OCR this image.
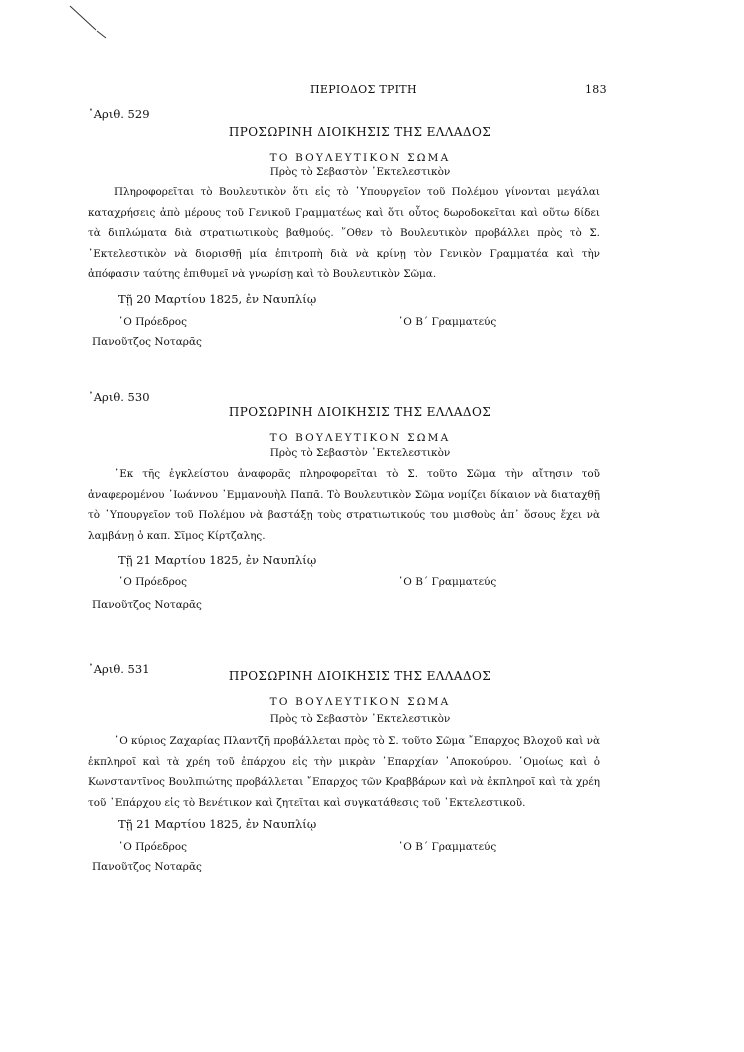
ΠΕΡΙΟΔΟΣ ΤΡΙΤΗ	183
᾽Αριθ. 529
ΠΡΟΣΩΡΙΝΗ ΔΙΟΙΚΗΣΙΣ ΤΗΣ ΕΛΛΑΔΟΣ
ΤΟ ΒΟΥΛΕΥΤΙΚΟΝ ΣΩΜΑ
Πρὸς τὸ Σεβαστὸν ᾽Εκτελεστικὸν
Πληροφορεῖται τὸ Βουλευτικὸν ὅτι εἰς τὸ ῾Υπουργεῖον τοῦ Πολέμου γίνονται μεγάλαι καταχρήσεις ἀπὸ μέρους τοῦ Γενικοῦ Γραμματέως καὶ ὅτι οὗτος δωροδοκεῖται καὶ οὕτω δίδει τὰ διπλώματα διὰ στρατιωτικοὺς βαθμούς. ῞Οθεν τὸ Βουλευτικὸν προβάλλει πρὸς τὸ Σ. ᾽Εκτελεστικὸν νὰ διορισθῇ μία ἐπιτροπὴ διὰ νὰ κρίνῃ τὸν Γενικὸν Γραμματέα καὶ τὴν ἀπόφασιν ταύτης ἐπιθυμεῖ νὰ γνωρίσῃ καὶ τὸ Βουλευτικὸν Σῶμα.
Τῇ 20 Μαρτίου 1825, ἐν Ναυπλίῳ
῾Ο Πρόεδρος	῾Ο Β΄ Γραμματεύς
Πανοῦτζος Νοταρᾶς
᾽Αριθ. 530
ΠΡΟΣΩΡΙΝΗ ΔΙΟΙΚΗΣΙΣ ΤΗΣ ΕΛΛΑΔΟΣ
ΤΟ ΒΟΥΛΕΥΤΙΚΟΝ ΣΩΜΑ
Πρὸς τὸ Σεβαστὸν ᾽Εκτελεστικὸν
᾽Εκ τῆς ἐγκλείστου ἀναφορᾶς πληροφορεῖται τὸ Σ. τοῦτο Σῶμα τὴν αἴτησιν τοῦ ἀναφερομένου ᾽Ιωάννου ᾽Εμμανουὴλ Παπᾶ. Τὸ Βουλευτικὸν Σῶμα νομίζει δίκαιον νὰ διαταχθῇ τὸ ῾Υπουργεῖον τοῦ Πολέμου νὰ βαστάξῃ τοὺς στρατιωτικούς του μισθοὺς ἀπ᾽ ὅσους ἔχει νὰ λαμβάνῃ ὁ καπ. Σῖμος Κίρτζαλης.
Τῇ 21 Μαρτίου 1825, ἐν Ναυπλίῳ
῾Ο Πρόεδρος	῾Ο Β΄ Γραμματεύς
Πανοῦτζος Νοταρᾶς
᾽Αριθ. 531	ΠΡΟΣΩΡΙΝΗ ΔΙΟΙΚΗΣΙΣ ΤΗΣ ΕΛΛΑΔΟΣ
ΤΟ ΒΟΥΛΕΥΤΙΚΟΝ ΣΩΜΑ
Πρὸς τὸ Σεβαστὸν ᾽Εκτελεστικὸν
῾Ο κύριος Ζαχαρίας Πλαντζῆ προβάλλεται πρὸς τὸ Σ. τοῦτο Σῶμα ῎Επαρχος Βλοχοῦ καὶ νὰ ἐκπληροῖ καὶ τὰ χρέη τοῦ ἐπάρχου εἰς τὴν μικρὰν ᾽Επαρχίαν ᾽Αποκούρου. ῾Ομοίως καὶ ὁ Κωνσταντῖνος Βουλπιώτης προβάλλεται ῎Επαρχος τῶν Κραββάρων καὶ νὰ ἐκπληροῖ καὶ τὰ χρέη τοῦ ᾽Επάρχου εἰς τὸ Βενέτικον καὶ ζητεῖται καὶ συγκατάθεσις τοῦ ᾽Εκτελεστικοῦ.
Τῇ 21 Μαρτίου 1825, ἐν Ναυπλίῳ
῾Ο Πρόεδρος	῾Ο Β΄ Γραμματεύς
Πανοῦτζος Νοταρᾶς
